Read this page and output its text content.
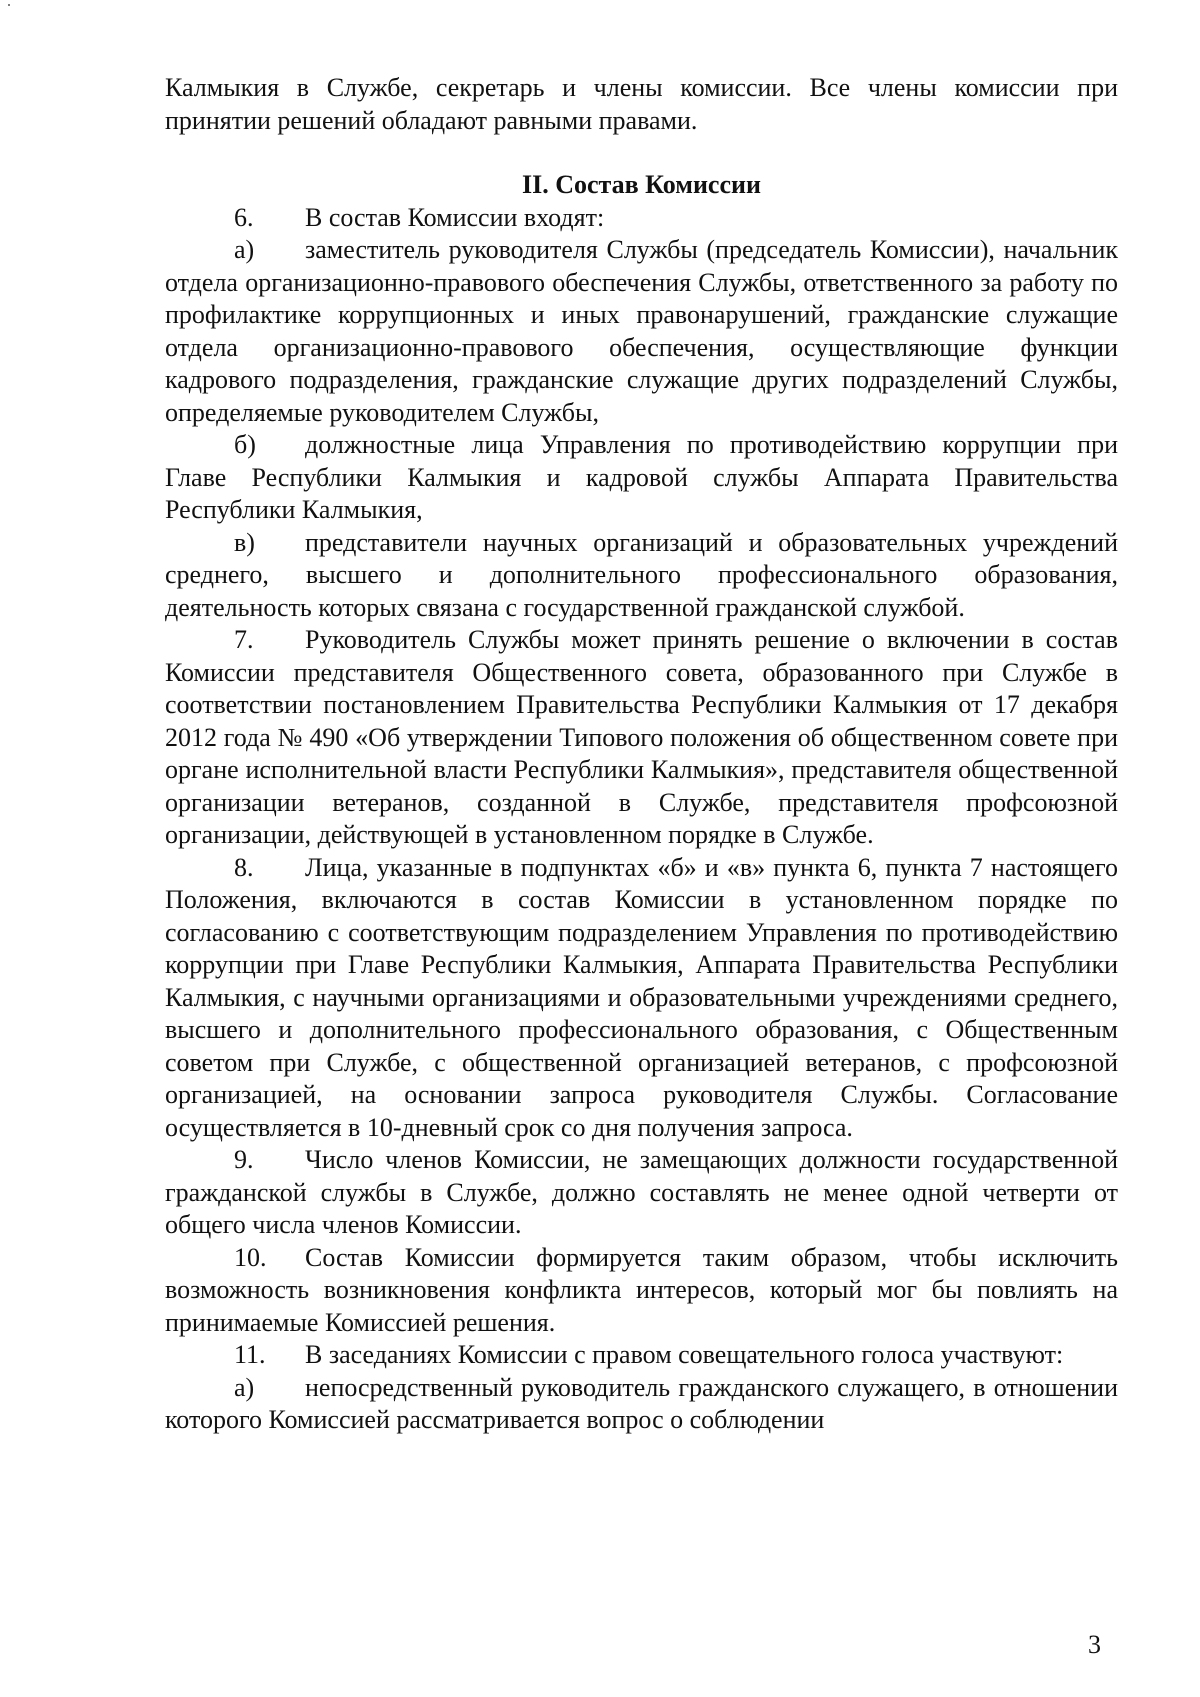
Калмыкия в Службе, секретарь и члены комиссии. Все члены комиссии при принятии решений обладают равными правами.

II. Состав Комиссии

6. В состав Комиссии входят:

а) заместитель руководителя Службы (председатель Комиссии), начальник отдела организационно-правового обеспечения Службы, ответственного за работу по профилактике коррупционных и иных правонарушений, гражданские служащие отдела организационно-правового обеспечения, осуществляющие функции кадрового подразделения, гражданские служащие других подразделений Службы, определяемые руководителем Службы,

б) должностные лица Управления по противодействию коррупции при Главе Республики Калмыкия и кадровой службы Аппарата Правительства Республики Калмыкия,

в) представители научных организаций и образовательных учреждений среднего, высшего и дополнительного профессионального образования, деятельность которых связана с государственной гражданской службой.

7. Руководитель Службы может принять решение о включении в состав Комиссии представителя Общественного совета, образованного при Службе в соответствии постановлением Правительства Республики Калмыкия от 17 декабря 2012 года № 490 «Об утверждении Типового положения об общественном совете при органе исполнительной власти Республики Калмыкия», представителя общественной организации ветеранов, созданной в Службе, представителя профсоюзной организации, действующей в установленном порядке в Службе.

8. Лица, указанные в подпунктах «б» и «в» пункта 6, пункта 7 настоящего Положения, включаются в состав Комиссии в установленном порядке по согласованию с соответствующим подразделением Управления по противодействию коррупции при Главе Республики Калмыкия, Аппарата Правительства Республики Калмыкия, с научными организациями и образовательными учреждениями среднего, высшего и дополнительного профессионального образования, с Общественным советом при Службе, с общественной организацией ветеранов, с профсоюзной организацией, на основании запроса руководителя Службы. Согласование осуществляется в 10-дневный срок со дня получения запроса.

9. Число членов Комиссии, не замещающих должности государственной гражданской службы в Службе, должно составлять не менее одной четверти от общего числа членов Комиссии.

10. Состав Комиссии формируется таким образом, чтобы исключить возможность возникновения конфликта интересов, который мог бы повлиять на принимаемые Комиссией решения.

11. В заседаниях Комиссии с правом совещательного голоса участвуют:

а) непосредственный руководитель гражданского служащего, в отношении которого Комиссией рассматривается вопрос о соблюдении

3
